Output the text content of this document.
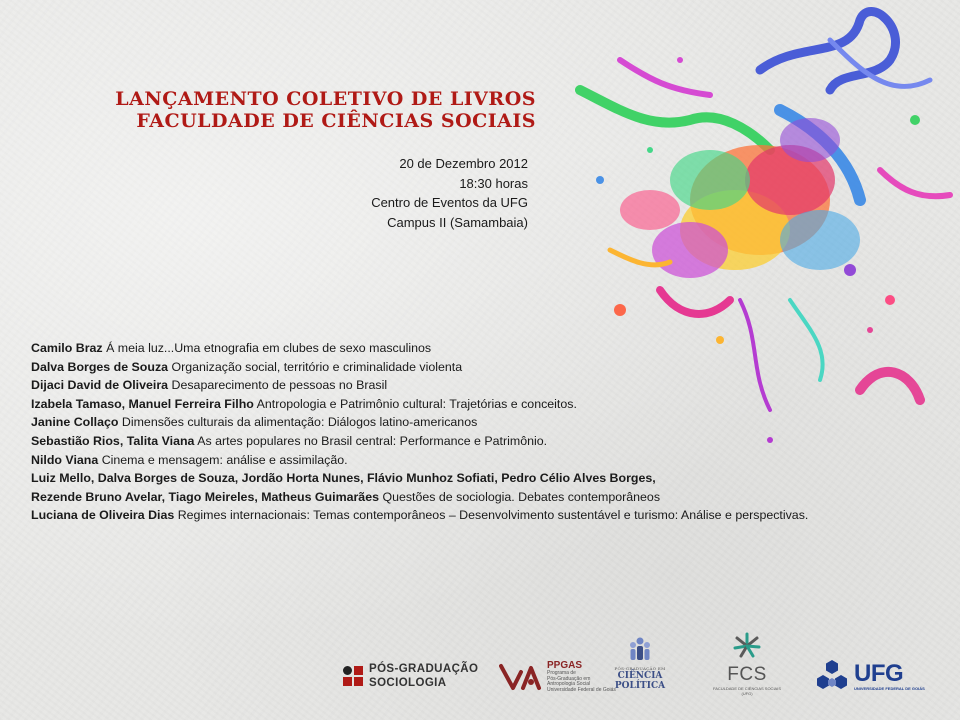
LANÇAMENTO COLETIVO DE LIVROS
FACULDADE DE CIÊNCIAS SOCIAIS
20 de Dezembro 2012
18:30 horas
Centro de Eventos da UFG
Campus II (Samambaia)
Camilo Braz Á meia luz...Uma etnografia em clubes de sexo masculinos
Dalva Borges de Souza Organização social, território e criminalidade violenta
Dijaci David de Oliveira Desaparecimento de pessoas no Brasil
Izabela Tamaso, Manuel Ferreira Filho Antropologia e Patrimônio cultural: Trajetórias e conceitos.
Janine Collaço Dimensões culturais da alimentação: Diálogos latino-americanos
Sebastião Rios, Talita Viana As artes populares no Brasil central: Performance e Patrimônio.
Nildo Viana Cinema e mensagem: análise e assimilação.
Luiz Mello, Dalva Borges de Souza, Jordão Horta Nunes, Flávio Munhoz Sofiati, Pedro Célio Alves Borges,
Rezende Bruno Avelar, Tiago Meireles, Matheus Guimarães Questões de sociologia. Debates contemporâneos
Luciana de Oliveira Dias Regimes internacionais: Temas contemporâneos – Desenvolvimento sustentável e turismo: Análise e perspectivas.
PÓS-GRADUAÇÃO
SOCIOLOGIA
PPGAS
Programa de
Pós-Graduação em
Antropologia Social
Universidade Federal de Goiás
PÓS-GRADUAÇÃO EM
CIÊNCIA
POLÍTICA
FCS
FACULDADE DE CIÊNCIAS SOCIAIS (UFG)
UFG
UNIVERSIDADE FEDERAL DE GOIÁS
